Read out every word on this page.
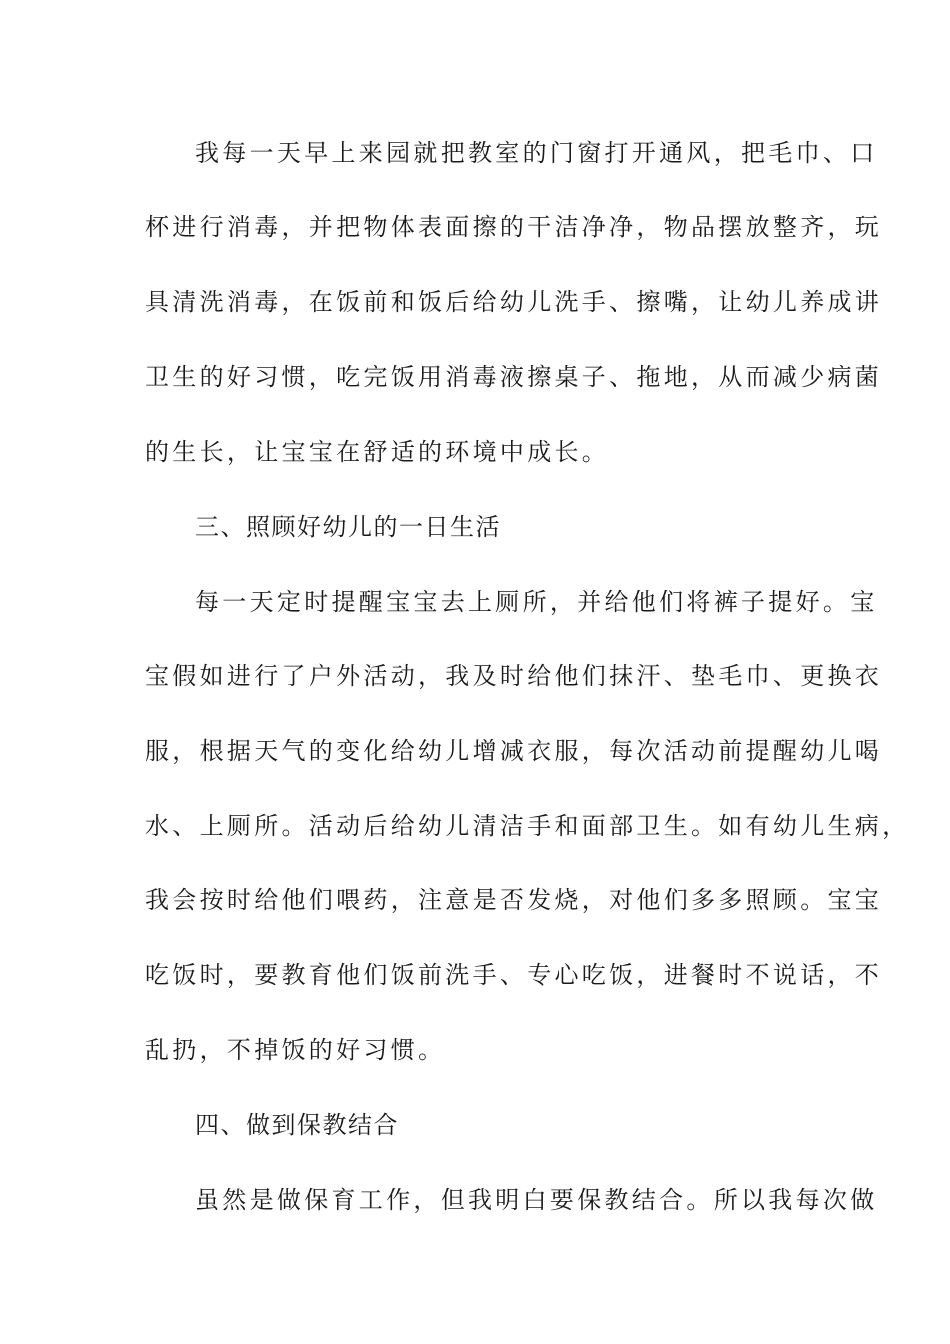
我每一天早上来园就把教室的门窗打开通风，把毛巾、口
杯进行消毒，并把物体表面擦的干洁净净，物品摆放整齐，玩
具清洗消毒，在饭前和饭后给幼儿洗手、擦嘴，让幼儿养成讲
卫生的好习惯，吃完饭用消毒液擦桌子、拖地，从而减少病菌
的生长，让宝宝在舒适的环境中成长。
三、照顾好幼儿的一日生活
每一天定时提醒宝宝去上厕所，并给他们将裤子提好。宝
宝假如进行了户外活动，我及时给他们抹汗、垫毛巾、更换衣
服，根据天气的变化给幼儿增减衣服，每次活动前提醒幼儿喝
水、上厕所。活动后给幼儿清洁手和面部卫生。如有幼儿生病，
我会按时给他们喂药，注意是否发烧，对他们多多照顾。宝宝
吃饭时，要教育他们饭前洗手、专心吃饭，进餐时不说话，不
乱扔，不掉饭的好习惯。
四、做到保教结合
虽然是做保育工作，但我明白要保教结合。所以我每次做
